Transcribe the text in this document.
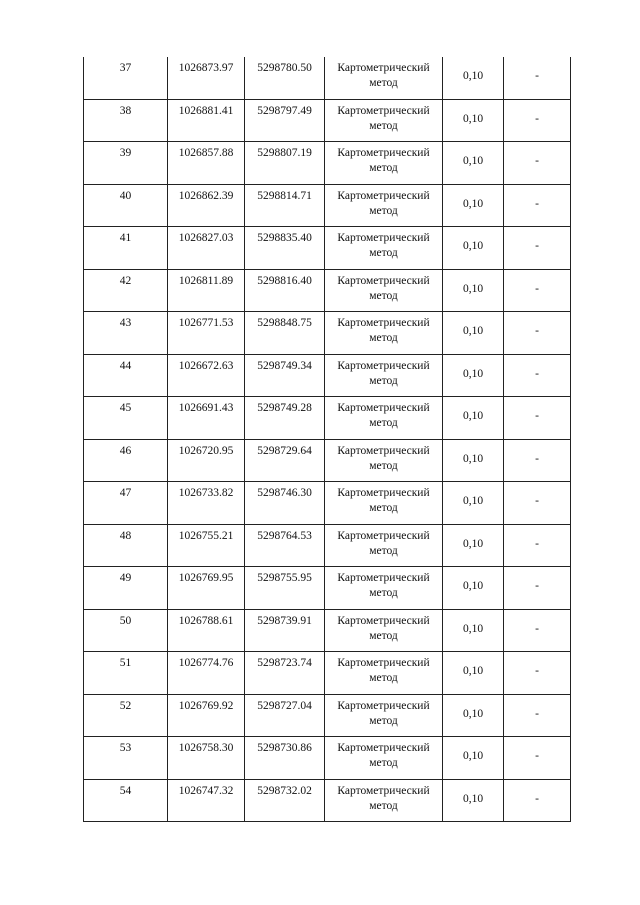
37	1026873.97	5298780.50	Картометрический метод	0,10	-

38	1026881.41	5298797.49	Картометрический метод	0,10	-

39	1026857.88	5298807.19	Картометрический метод	0,10	-

40	1026862.39	5298814.71	Картометрический метод	0,10	-

41	1026827.03	5298835.40	Картометрический метод	0,10	-

42	1026811.89	5298816.40	Картометрический метод	0,10	-

43	1026771.53	5298848.75	Картометрический метод	0,10	-

44	1026672.63	5298749.34	Картометрический метод	0,10	-

45	1026691.43	5298749.28	Картометрический метод	0,10	-

46	1026720.95	5298729.64	Картометрический метод	0,10	-

47	1026733.82	5298746.30	Картометрический метод	0,10	-

48	1026755.21	5298764.53	Картометрический метод	0,10	-

49	1026769.95	5298755.95	Картометрический метод	0,10	-

50	1026788.61	5298739.91	Картометрический метод	0,10	-

51	1026774.76	5298723.74	Картометрический метод	0,10	-

52	1026769.92	5298727.04	Картометрический метод	0,10	-

53	1026758.30	5298730.86	Картометрический метод	0,10	-

54	1026747.32	5298732.02	Картометрический метод	0,10	-
